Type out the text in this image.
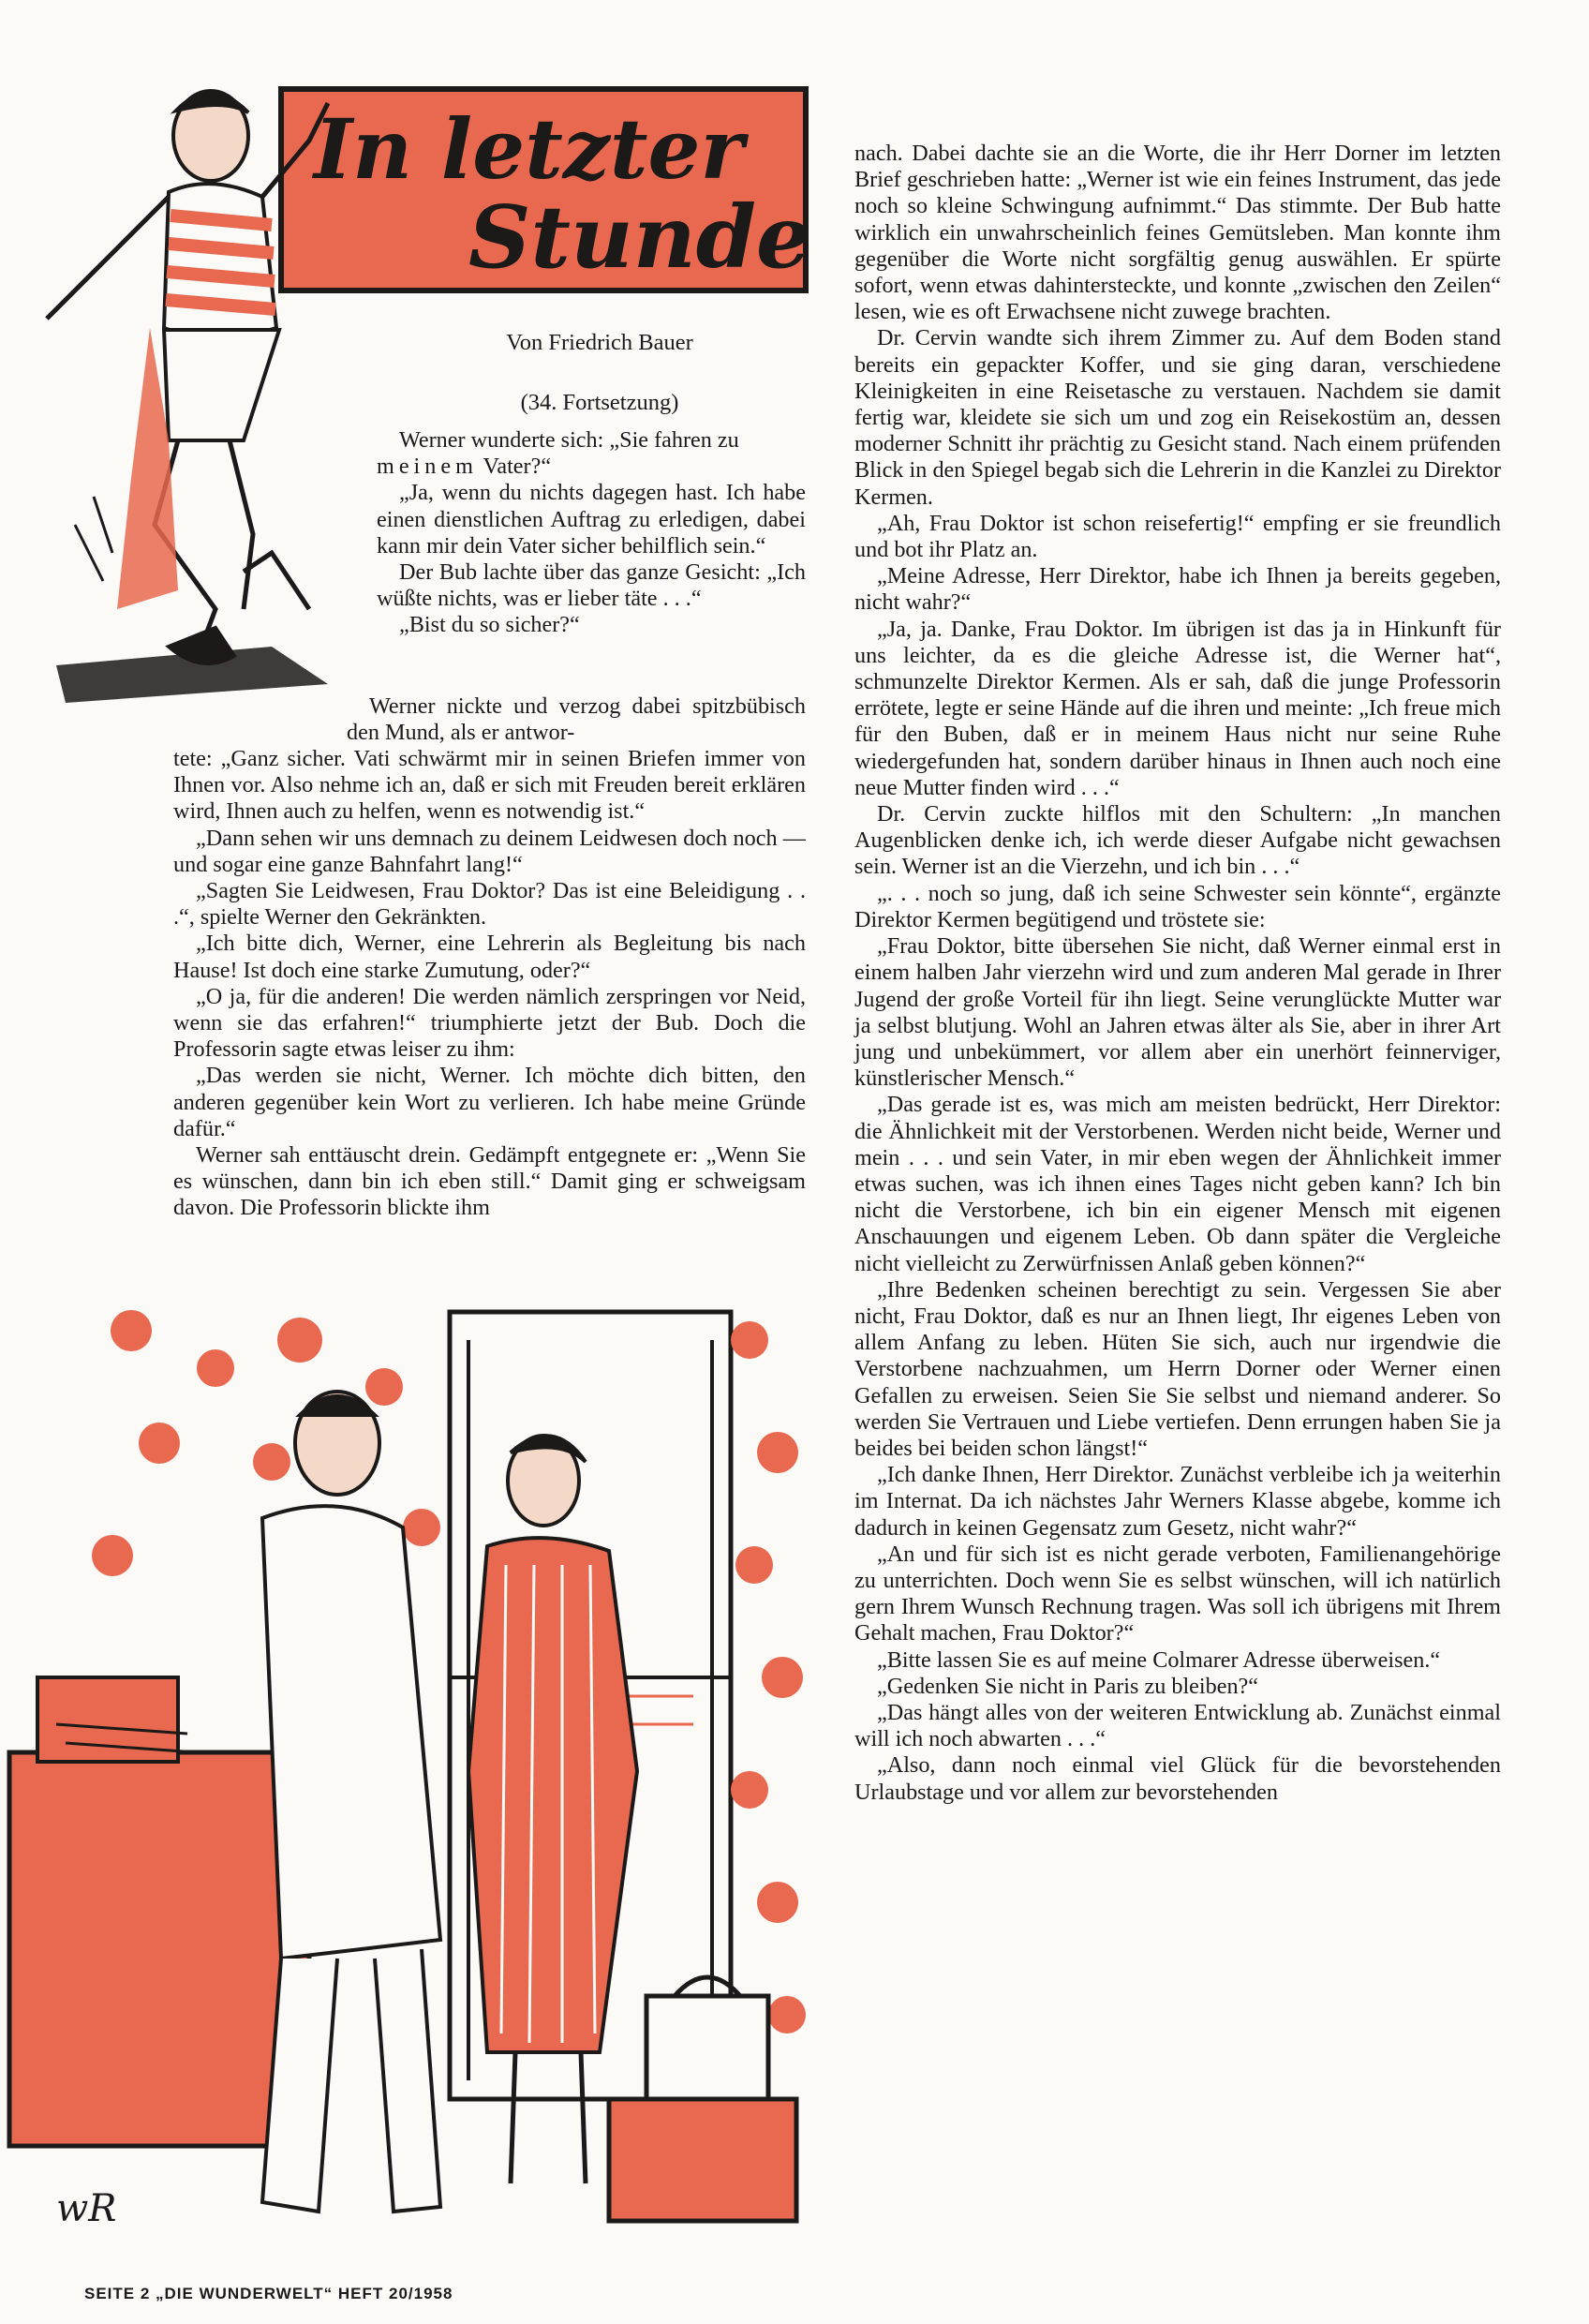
In letzter
Stunde
Von Friedrich Bauer
(34. Fortsetzung)

Werner wunderte sich: „Sie fahren zu
meinem Vater?“

„Ja, wenn du nichts dagegen hast. Ich habe einen dienstlichen Auftrag zu erledigen, dabei kann mir dein Vater sicher behilflich sein.“

Der Bub lachte über das ganze Gesicht: „Ich wüßte nichts, was er lieber täte . . .“

„Bist du so sicher?“

Werner nickte und verzog dabei spitzbübisch den Mund, als er antwor-

tete: „Ganz sicher. Vati schwärmt mir in seinen Briefen immer von Ihnen vor. Also nehme ich an, daß er sich mit Freuden bereit erklären wird, Ihnen auch zu helfen, wenn es notwendig ist.“

„Dann sehen wir uns demnach zu deinem Leidwesen doch noch — und sogar eine ganze Bahnfahrt lang!“

„Sagten Sie Leidwesen, Frau Doktor? Das ist eine Beleidigung . . .“, spielte Werner den Gekränkten.

„Ich bitte dich, Werner, eine Lehrerin als Begleitung bis nach Hause! Ist doch eine starke Zumutung, oder?“

„O ja, für die anderen! Die werden nämlich zerspringen vor Neid, wenn sie das erfahren!“ triumphierte jetzt der Bub. Doch die Professorin sagte etwas leiser zu ihm:

„Das werden sie nicht, Werner. Ich möchte dich bitten, den anderen gegenüber kein Wort zu verlieren. Ich habe meine Gründe dafür.“

Werner sah enttäuscht drein. Gedämpft entgegnete er: „Wenn Sie es wünschen, dann bin ich eben still.“ Damit ging er schweigsam davon. Die Professorin blickte ihm

wR

nach. Dabei dachte sie an die Worte, die ihr Herr Dorner im letzten Brief geschrieben hatte: „Werner ist wie ein feines Instrument, das jede noch so kleine Schwingung aufnimmt.“ Das stimmte. Der Bub hatte wirklich ein unwahrscheinlich feines Gemütsleben. Man konnte ihm gegenüber die Worte nicht sorgfältig genug auswählen. Er spürte sofort, wenn etwas dahintersteckte, und konnte „zwischen den Zeilen“ lesen, wie es oft Erwachsene nicht zuwege brachten.

Dr. Cervin wandte sich ihrem Zimmer zu. Auf dem Boden stand bereits ein gepackter Koffer, und sie ging daran, verschiedene Kleinigkeiten in eine Reisetasche zu verstauen. Nachdem sie damit fertig war, kleidete sie sich um und zog ein Reisekostüm an, dessen moderner Schnitt ihr prächtig zu Gesicht stand. Nach einem prüfenden Blick in den Spiegel begab sich die Lehrerin in die Kanzlei zu Direktor Kermen.

„Ah, Frau Doktor ist schon reisefertig!“ empfing er sie freundlich und bot ihr Platz an.

„Meine Adresse, Herr Direktor, habe ich Ihnen ja bereits gegeben, nicht wahr?“

„Ja, ja. Danke, Frau Doktor. Im übrigen ist das ja in Hinkunft für uns leichter, da es die gleiche Adresse ist, die Werner hat“, schmunzelte Direktor Kermen. Als er sah, daß die junge Professorin errötete, legte er seine Hände auf die ihren und meinte: „Ich freue mich für den Buben, daß er in meinem Haus nicht nur seine Ruhe wiedergefunden hat, sondern darüber hinaus in Ihnen auch noch eine neue Mutter finden wird . . .“

Dr. Cervin zuckte hilflos mit den Schultern: „In manchen Augenblicken denke ich, ich werde dieser Aufgabe nicht gewachsen sein. Werner ist an die Vierzehn, und ich bin . . .“

„. . . noch so jung, daß ich seine Schwester sein könnte“, ergänzte Direktor Kermen begütigend und tröstete sie:

„Frau Doktor, bitte übersehen Sie nicht, daß Werner einmal erst in einem halben Jahr vierzehn wird und zum anderen Mal gerade in Ihrer Jugend der große Vorteil für ihn liegt. Seine verunglückte Mutter war ja selbst blutjung. Wohl an Jahren etwas älter als Sie, aber in ihrer Art jung und unbekümmert, vor allem aber ein unerhört feinnerviger, künstlerischer Mensch.“

„Das gerade ist es, was mich am meisten bedrückt, Herr Direktor: die Ähnlichkeit mit der Verstorbenen. Werden nicht beide, Werner und mein . . . und sein Vater, in mir eben wegen der Ähnlichkeit immer etwas suchen, was ich ihnen eines Tages nicht geben kann? Ich bin nicht die Verstorbene, ich bin ein eigener Mensch mit eigenen Anschauungen und eigenem Leben. Ob dann später die Vergleiche nicht vielleicht zu Zerwürfnissen Anlaß geben können?“

„Ihre Bedenken scheinen berechtigt zu sein. Vergessen Sie aber nicht, Frau Doktor, daß es nur an Ihnen liegt, Ihr eigenes Leben von allem Anfang zu leben. Hüten Sie sich, auch nur irgendwie die Verstorbene nachzuahmen, um Herrn Dorner oder Werner einen Gefallen zu erweisen. Seien Sie Sie selbst und niemand anderer. So werden Sie Vertrauen und Liebe vertiefen. Denn errungen haben Sie ja beides bei beiden schon längst!“

„Ich danke Ihnen, Herr Direktor. Zunächst verbleibe ich ja weiterhin im Internat. Da ich nächstes Jahr Werners Klasse abgebe, komme ich dadurch in keinen Gegensatz zum Gesetz, nicht wahr?“

„An und für sich ist es nicht gerade verboten, Familienangehörige zu unterrichten. Doch wenn Sie es selbst wünschen, will ich natürlich gern Ihrem Wunsch Rechnung tragen. Was soll ich übrigens mit Ihrem Gehalt machen, Frau Doktor?“

„Bitte lassen Sie es auf meine Colmarer Adresse überweisen.“

„Gedenken Sie nicht in Paris zu bleiben?“

„Das hängt alles von der weiteren Entwicklung ab. Zunächst einmal will ich noch abwarten . . .“

„Also, dann noch einmal viel Glück für die bevorstehenden Urlaubstage und vor allem zur bevorstehenden

SEITE 2 „DIE WUNDERWELT“ HEFT 20/1958
